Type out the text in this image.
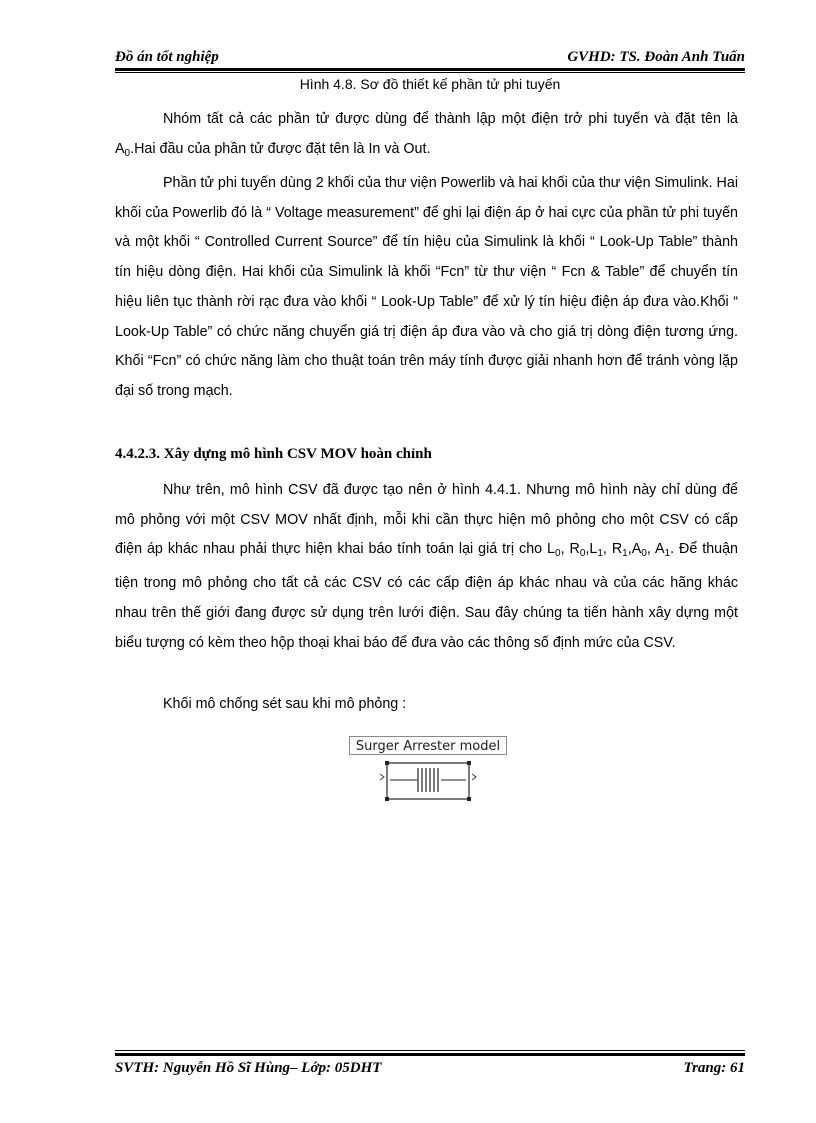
Đồ án tốt nghiệp	GVHD: TS. Đoàn Anh Tuấn
Hình 4.8. Sơ đồ thiết kế phần tử phi tuyến

Nhóm tất cả các phần tử được dùng để thành lập một điện trở phi tuyến và đặt tên là $A_0.Hai$ đầu của phần tử được đặt tên là In và Out.

Phần tử phi tuyến dùng 2 khối của thư viện Powerlib và hai khối của thư viện Simulink. Hai khối của Powerlib đó là “ Voltage measurement” để ghi lại điện áp ở hai cực của phần tử phi tuyến và một khối “ Controlled Current Source” để tín hiệu của Simulink là khối “ Look-Up Table” thành tín hiệu dòng điện. Hai khối của Simulink là khối “Fcn” từ thư viện “ Fcn & Table” để chuyển tín hiệu liên tục thành rời rạc đưa vào khối “ Look-Up Table” để xử lý tín hiệu điện áp đưa vào.Khối “ Look-Up Table” có chức năng chuyển giá trị điện áp đưa vào và cho giá trị dòng điện tương ứng. Khối “Fcn” có chức năng làm cho thuật toán trên máy tính được giải nhanh hơn để tránh vòng lặp đại số trong mạch.

4.4.2.3. Xây dựng mô hình CSV MOV hoàn chỉnh

Như trên, mô hình CSV đã được tạo nên ở hình 4.4.1. Nhưng mô hình này chỉ dùng để mô phỏng với một CSV MOV nhất định, mỗi khi cần thực hiện mô phỏng cho một CSV có cấp điện áp khác nhau phải thực hiện khai báo tính toán lại giá trị cho $L_0$, $R_0,L_1$, $R_1,A_0$, $A_1$. Để thuận tiện trong mô phỏng cho tất cả các CSV có các cấp điện áp khác nhau và của các hãng khác nhau trên thế giới đang được sử dụng trên lưới điện. Sau đây chúng ta tiến hành xây dựng một biểu tượng có kèm theo hộp thoại khai báo để đưa vào các thông số định mức của CSV.

Khối mô chống sét sau khi mô phỏng :

Surger Arrester model
SVTH: Nguyễn Hồ Sĩ Hùng– Lớp: 05DHT	Trang: 61
